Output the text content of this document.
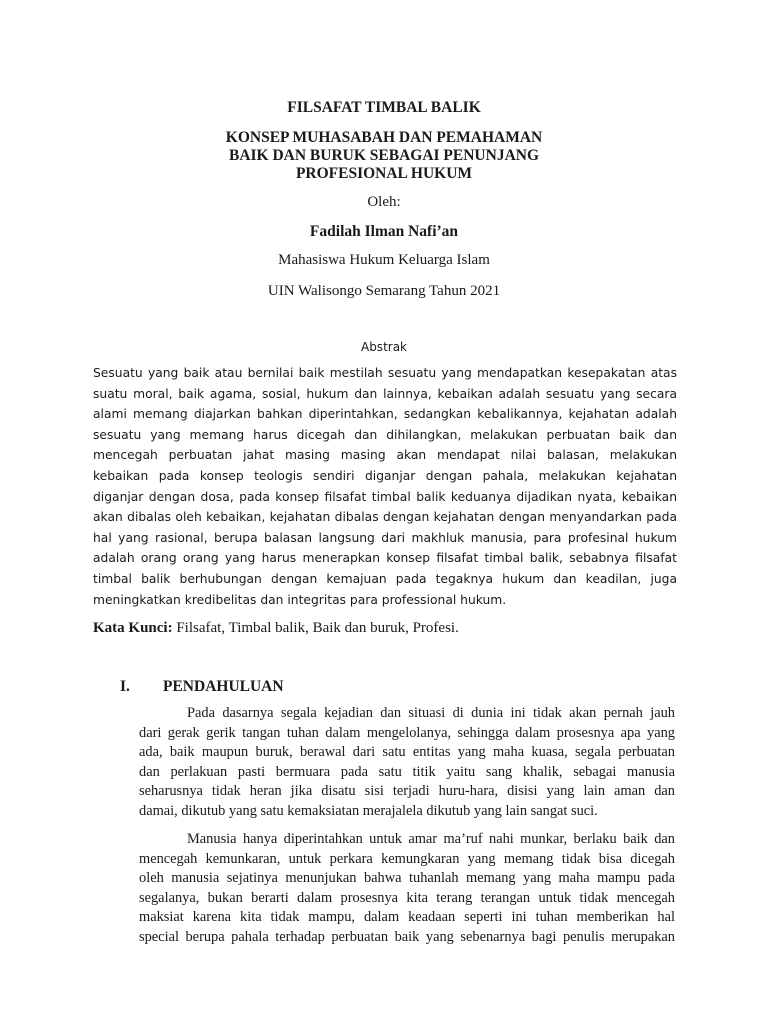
FILSAFAT TIMBAL BALIK
KONSEP MUHASABAH DAN PEMAHAMAN
BAIK DAN BURUK SEBAGAI PENUNJANG
PROFESIONAL HUKUM
Oleh:
Fadilah Ilman Nafi’an
Mahasiswa Hukum Keluarga Islam
UIN Walisongo Semarang Tahun 2021
Abstrak
Sesuatu yang baik atau bernilai baik mestilah sesuatu yang mendapatkan kesepakatan atas
suatu moral, baik agama, sosial, hukum dan lainnya, kebaikan adalah sesuatu yang secara
alami memang diajarkan bahkan diperintahkan, sedangkan kebalikannya, kejahatan adalah
sesuatu yang memang harus dicegah dan dihilangkan, melakukan perbuatan baik dan
mencegah perbuatan jahat masing masing akan mendapat nilai balasan, melakukan
kebaikan pada konsep teologis sendiri diganjar dengan pahala, melakukan kejahatan
diganjar dengan dosa, pada konsep filsafat timbal balik keduanya dijadikan nyata, kebaikan
akan dibalas oleh kebaikan, kejahatan dibalas dengan kejahatan dengan menyandarkan pada
hal yang rasional, berupa balasan langsung dari makhluk manusia, para profesinal hukum
adalah orang orang yang harus menerapkan konsep filsafat timbal balik, sebabnya filsafat
timbal balik berhubungan dengan kemajuan pada tegaknya hukum dan keadilan, juga
meningkatkan kredibelitas dan integritas para professional hukum.
Kata Kunci: Filsafat, Timbal balik, Baik dan buruk, Profesi.
I. PENDAHULUAN
Pada dasarnya segala kejadian dan situasi di dunia ini tidak akan pernah jauh
dari gerak gerik tangan tuhan dalam mengelolanya, sehingga dalam prosesnya apa yang
ada, baik maupun buruk, berawal dari satu entitas yang maha kuasa, segala perbuatan
dan perlakuan pasti bermuara pada satu titik yaitu sang khalik, sebagai manusia
seharusnya tidak heran jika disatu sisi terjadi huru-hara, disisi yang lain aman dan
damai, dikutub yang satu kemaksiatan merajalela dikutub yang lain sangat suci.
Manusia hanya diperintahkan untuk amar ma’ruf nahi munkar, berlaku baik dan
mencegah kemunkaran, untuk perkara kemungkaran yang memang tidak bisa dicegah
oleh manusia sejatinya menunjukan bahwa tuhanlah memang yang maha mampu pada
segalanya, bukan berarti dalam prosesnya kita terang terangan untuk tidak mencegah
maksiat karena kita tidak mampu, dalam keadaan seperti ini tuhan memberikan hal
special berupa pahala terhadap perbuatan baik yang sebenarnya bagi penulis merupakan
